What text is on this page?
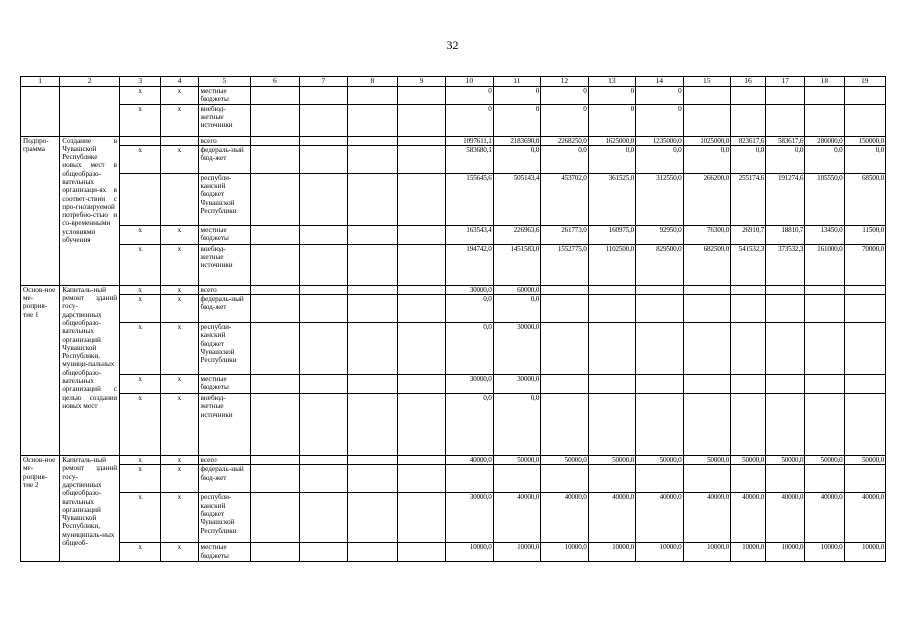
32
1	2	3	4	5	6	7	8	9	10	11	12	13	14	15	16	17	18	19
		x	x	местные бюджеты					0	0	0	0	0					
		x	x	внебюд-жетные источники					0	0	0	0	0					
Подпро-грамма	Создание в Чувашской Республике новых мест в общеобразо-вательных организаци-ях в соответ-ствии с про-гнозируемой потребно-стью и со-временными условиями обучения			всего					1097611,1	2183690,0	2268250,0	1625000,0	1235000,0	1025000,0	823617,6	583617,6	280000,0	150000,0
		x	x	федераль-ный бюд-жет					583680,1	0,0	0,0	0,0	0,0	0,0	0,0	0,0	0,0	0,0
				республи-канский бюджет Чувашской Республики					155645,6	505143,4	453702,0	361525,0	312550,0	266200,0	255174,6	191274,6	105550,0	68500,0
		x	x	местные бюджеты					163543,4	226963,6	261773,0	160975,0	92950,0	76300,0	26910,7	18810,7	13450,0	11500,0
		x	x	внебюд-жетные источники					194742,0	1451583,0	1552775,0	1102500,0	829500,0	682500,0	541532,3	373532,3	161000,0	70000,0
Основ-ное ме-роприя-тие 1	Капиталь-ный ремонт зданий госу-дарственных общеобразо-вательных организаций Чувашской Республики, муници-пальных общеобразо-вательных организаций с целью создания новых мест	x	x	всего					30000,0	60000,0								
		x	x	федераль-ный бюд-жет					0,0	0,0								
		x	x	республи-канский бюджет Чувашской Республики					0,0	30000,0								
		x	x	местные бюджеты					30000,0	30000,0								
		x	x	внебюд-жетные источники					0,0	0,0								
Основ-ное ме-роприя-тие 2	Капиталь-ный ремонт зданий госу-дарственных общеобразо-вательных организаций Чувашской Республики, муниципаль-ных общеоб-	x	x	всего					40000,0	50000,0	50000,0	50000,0	50000,0	50000,0	50000,0	50000,0	50000,0	50000,0
		x	x	федераль-ный бюд-жет														
		x	x	республи-канский бюджет Чувашской Республики					30000,0	40000,0	40000,0	40000,0	40000,0	40000,0	40000,0	40000,0	40000,0	40000,0
		x	x	местные бюджеты					10000,0	10000,0	10000,0	10000,0	10000,0	10000,0	10000,0	10000,0	10000,0	10000,0
